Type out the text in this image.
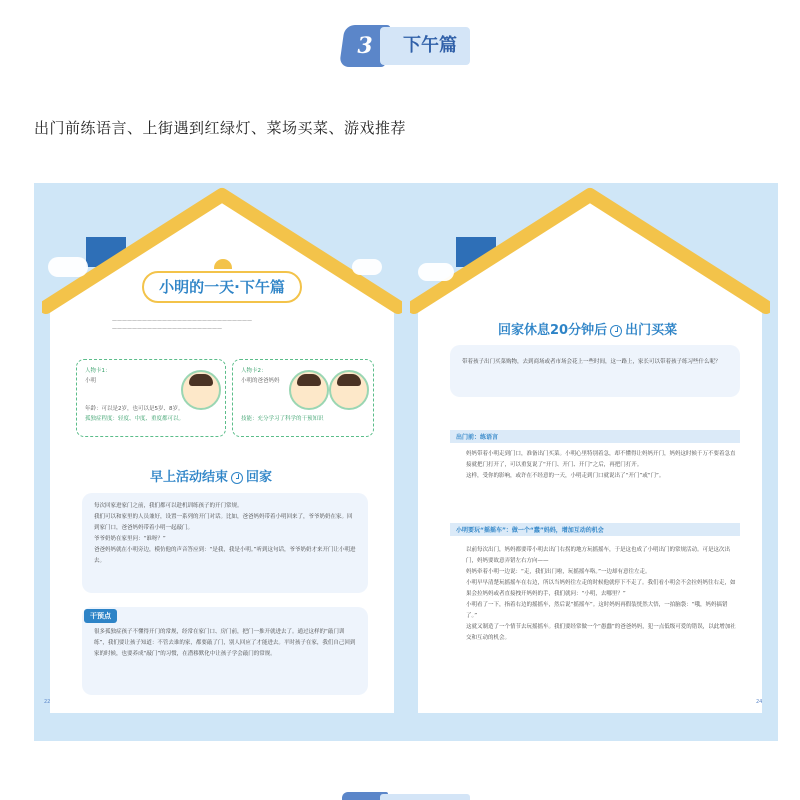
3	下午篇
出门前练语言、上街遇到红绿灯、菜场买菜、游戏推荐
小明的一天·下午篇
————————————————————————————
——————————————————————
人物卡1：
小明
年龄：可以是2岁，也可以是5岁、8岁。
孤独症程度：轻度、中度、重度都可以。
人物卡2：
小明的爸爸妈妈
技能：充分学习了科学的干预知识
早上活动结束 回家
每次回家进家门之前，我们都可以趁机训练孩子的开门常规。
我们可以和家里的人员兼好，设置一系列的开门对话。比如，爸爸妈妈带着小明回来了，爷爷奶奶在家。回到家门口，爸爸妈妈带着小明一起敲门。
爷爷奶奶在家里问：“谁呀？”
爸爸妈妈就在小明旁边，模仿他的声音答应到：“是我，我是小明。”听到这句话，爷爷奶奶才来开门让小明进去。
很多孤独症孩子不懂得开门的常规，经常在家门口、房门前，把门一推开就进去了。通过这样的“敲门训练”，我们要让孩子知道：不管去谁的家，都要敲了门，别人回应了才能进去。平时孩子在家，我们自己回到家的时候，也要养成“敲门”的习惯，在潜移默化中让孩子学会敲门的常规。
干预点
22
回家休息20分钟后 出门买菜
带着孩子出门买菜购物，去到商场或者市场会花上一些时间，这一路上，家长可以带着孩子练习些什么呢？
出门前：练语言
妈妈带着小明走到门口，准备出门买菜。小明心里特别着急，却不懂得让妈妈开门，妈妈这时候千万不要着急直接就把门打开了，可以重复说了“开门、开门、开门”之后，再把门打开。
这样，受你的影响，或许在不经意的一天，小明走到门口就说出了“开门”或“门”。
小明要玩“摇摇车”：做一个“蠢”妈妈，增加互动的机会
以前每次出门，妈妈都要带小明去出门右拐的地方玩摇摇车，于是这也成了小明出门的常规活动。可是这次出门，妈妈要故意弄错左右方向——
妈妈牵着小明一边说：“走，我们出门啦，玩摇摇车咯。”一边却有意往左走。
小明早早清楚玩摇摇车在右边，所以当妈妈往左走的时候他就停下不走了。我们看小明会不会拉妈妈往右走，如果会拉妈妈或者直接拽开妈妈的手，我们就问：“小明，去哪里？”
小明看了一下，指着右边的摇摇车，然后说“摇摇车”。这时妈妈再假装恍然大悟，一拍脑袋：“哦，妈妈搞错了。”
这就又制造了一个情节去玩摇摇车。我们要经常做一个“愚蠢”的爸爸妈妈，犯一点低级可爱的错误，以此增加社交和互动的机会。
24
